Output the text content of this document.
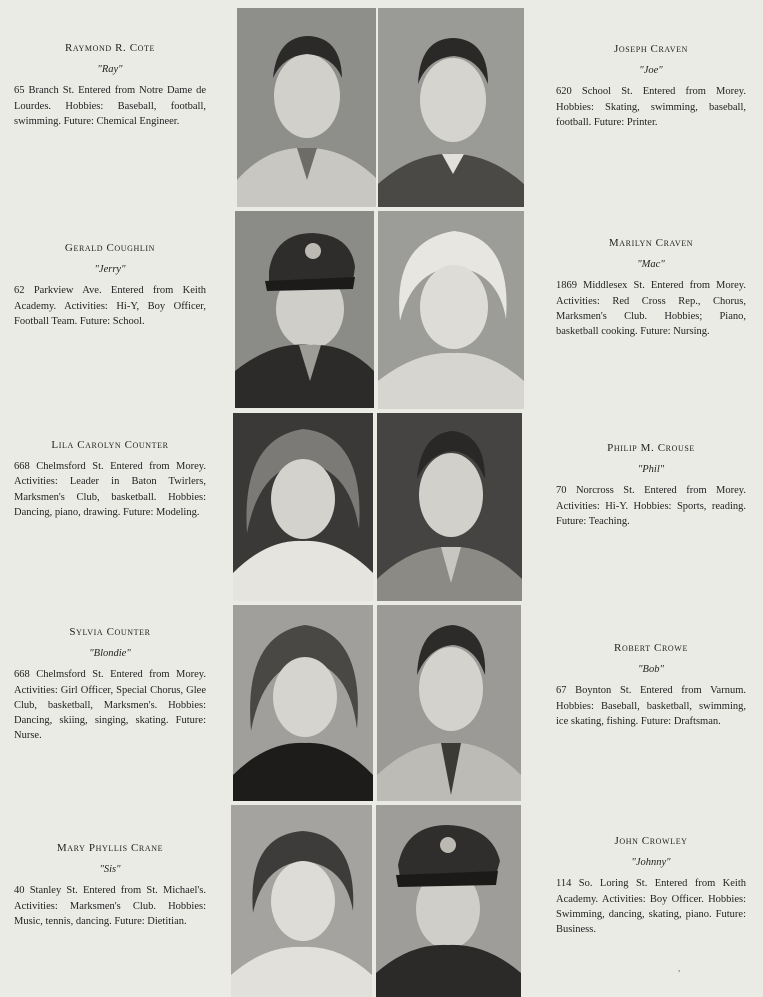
Raymond R. Cote
"Ray"
65 Branch St. Entered from Notre Dame de Lourdes. Hobbies: Baseball, football, swimming. Future: Chemical Engineer.
Joseph Craven
"Joe"
620 School St. Entered from Morey. Hobbies: Skating, swimming, baseball, football. Future: Printer.
Gerald Coughlin
"Jerry"
62 Parkview Ave. Entered from Keith Academy. Activities: Hi-Y, Boy Officer, Football Team. Future: School.
Marilyn Craven
"Mac"
1869 Middlesex St. Entered from Morey. Activities: Red Cross Rep., Chorus, Marksmen's Club. Hobbies; Piano, basketball cooking. Future: Nursing.
Lila Carolyn Counter
668 Chelmsford St. Entered from Morey. Activities: Leader in Baton Twirlers, Marksmen's Club, basketball. Hobbies: Dancing, piano, drawing. Future: Modeling.
Philip M. Crouse
"Phil"
70 Norcross St. Entered from Morey. Activities: Hi-Y. Hobbies: Sports, reading. Future: Teaching.
Sylvia Counter
"Blondie"
668 Chelmsford St. Entered from Morey. Activities: Girl Officer, Special Chorus, Glee Club, basketball, Marksmen's. Hobbies: Dancing, skiing, singing, skating. Future: Nurse.
Robert Crowe
"Bob"
67 Boynton St. Entered from Varnum. Hobbies: Baseball, basketball, swimming, ice skating, fishing. Future: Draftsman.
Mary Phyllis Crane
"Sis"
40 Stanley St. Entered from St. Michael's. Activities: Marksmen's Club. Hobbies: Music, tennis, dancing. Future: Dietitian.
John Crowley
"Johnny"
114 So. Loring St. Entered from Keith Academy. Activities: Boy Officer. Hobbies: Swimming, dancing, skating, piano. Future: Business.
,
